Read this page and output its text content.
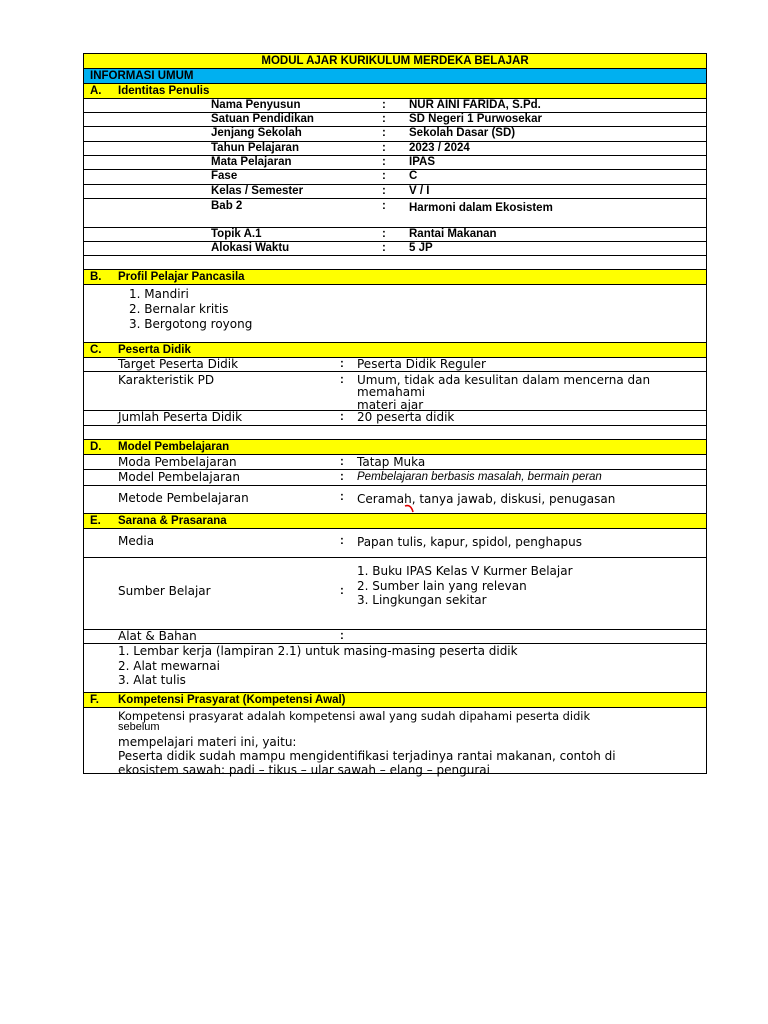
MODUL AJAR KURIKULUM MERDEKA BELAJAR
INFORMASI UMUM
A. Identitas Penulis
Nama Penyusun	: NUR AINI FARIDA, S.Pd.
Satuan Pendidikan	: SD Negeri 1 Purwosekar
Jenjang Sekolah	: Sekolah Dasar (SD)
Tahun Pelajaran	: 2023 / 2024
Mata Pelajaran	: IPAS
Fase	: C
Kelas / Semester	: V / I
Bab 2	: Harmoni dalam Ekosistem
Topik A.1	: Rantai Makanan
Alokasi Waktu	: 5 JP
B. Profil Pelajar Pancasila
1. Mandiri
2. Bernalar kritis
3. Bergotong royong
C. Peserta Didik
Target Peserta Didik	: Peserta Didik Reguler
Karakteristik PD	: Umum, tidak ada kesulitan dalam mencerna dan
memahami
materi ajar
Jumlah Peserta Didik	: 20 peserta didik
D. Model Pembelajaran
Moda Pembelajaran	: Tatap Muka
Model Pembelajaran	: Pembelajaran berbasis masalah, bermain peran
Metode Pembelajaran	: Ceramah, tanya jawab, diskusi, penugasan
E. Sarana & Prasarana
Media	: Papan tulis, kapur, spidol, penghapus
Sumber Belajar	:
1. Buku IPAS Kelas V Kurmer Belajar
2. Sumber lain yang relevan
3. Lingkungan sekitar
Alat & Bahan	:
1. Lembar kerja (lampiran 2.1) untuk masing-masing peserta didik
2. Alat mewarnai
3. Alat tulis
F. Kompetensi Prasyarat (Kompetensi Awal)
Kompetensi prasyarat adalah kompetensi awal yang sudah dipahami peserta didik
sebelum
mempelajari materi ini, yaitu:
Peserta didik sudah mampu mengidentifikasi terjadinya rantai makanan, contoh di
ekosistem sawah: padi – tikus – ular sawah – elang – pengurai
